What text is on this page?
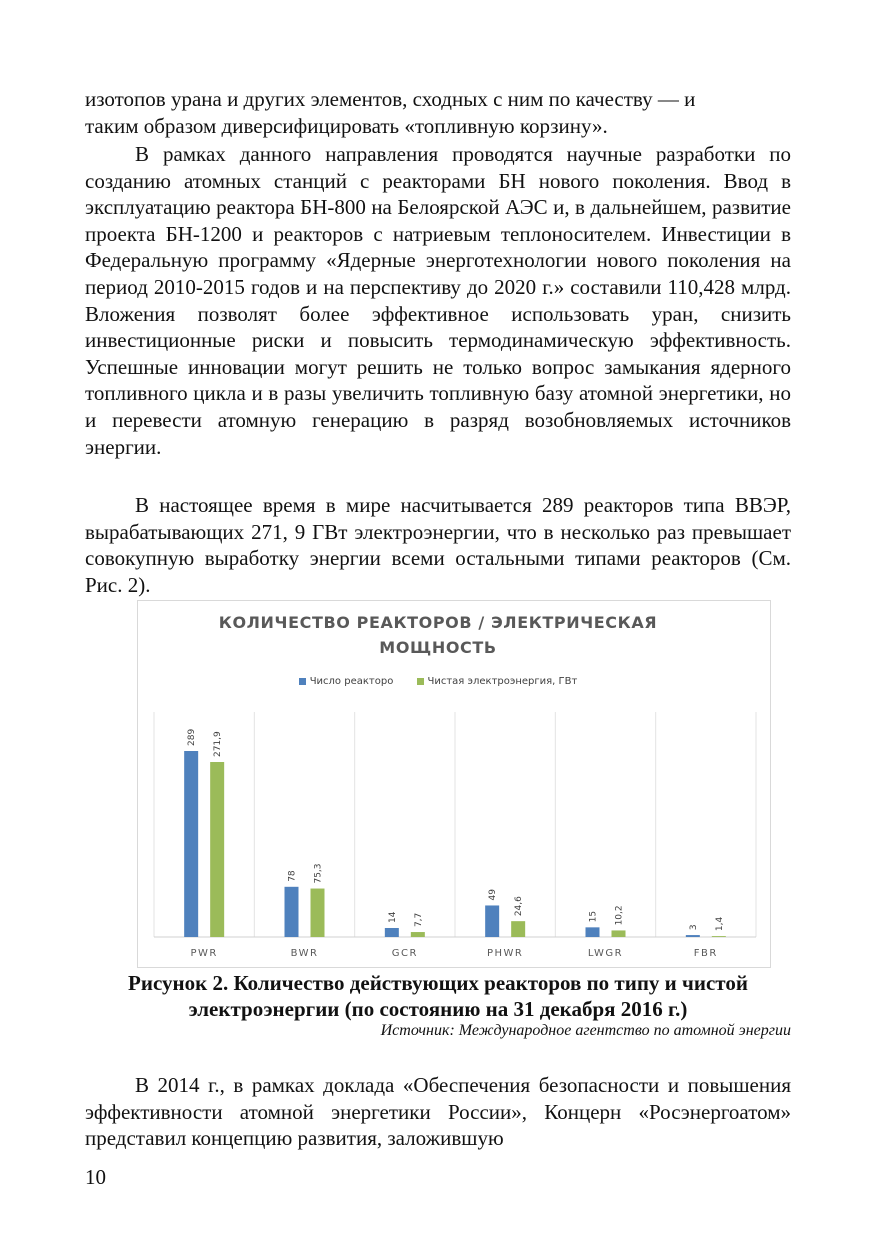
изотопов урана и других элементов, сходных с ним по качеству — и

таким образом диверсифицировать «топливную корзину».

В рамках данного направления проводятся научные разработки по созданию атомных станций с реакторами БН нового поколения. Ввод в эксплуатацию реактора БН-800 на Белоярской АЭС и, в дальнейшем, развитие проекта БН-1200 и реакторов с натриевым теплоносителем. Инвестиции в Федеральную программу «Ядерные энерготехнологии нового поколения на период 2010-2015 годов и на перспективу до 2020 г.» составили 110,428 млрд. Вложения позволят более эффективное использовать уран, снизить инвестиционные риски и повысить термодинамическую эффективность. Успешные инновации могут решить не только вопрос замыкания ядерного топливного цикла и в разы увеличить топливную базу атомной энергетики, но и перевести атомную генерацию в разряд возобновляемых источников энергии.

В настоящее время в мире насчитывается 289 реакторов типа ВВЭР, вырабатывающих 271, 9 ГВт электроэнергии, что в несколько раз превышает совокупную выработку энергии всеми остальными типами реакторов (См. Рис. 2).

КОЛИЧЕСТВО РЕАКТОРОВ / ЭЛЕКТРИЧЕСКАЯ
МОЩНОСТЬ
Число реакторо	Чистая электроэнергия, ГВт
289 271,9
PWR
78 75,3
BWR
14 7,7
GCR
49
24,6
PHWR
15 10,2
LWGR
3 1,4
FBR

Рисунок 2. Количество действующих реакторов по типу и чистой

электроэнергии (по состоянию на 31 декабря 2016 г.)

Источник: Международное агентство по атомной энергии

В 2014 г., в рамках доклада «Обеспечения безопасности и повышения эффективности атомной энергетики России», Концерн «Росэнергоатом» представил концепцию развития, заложившую

10
